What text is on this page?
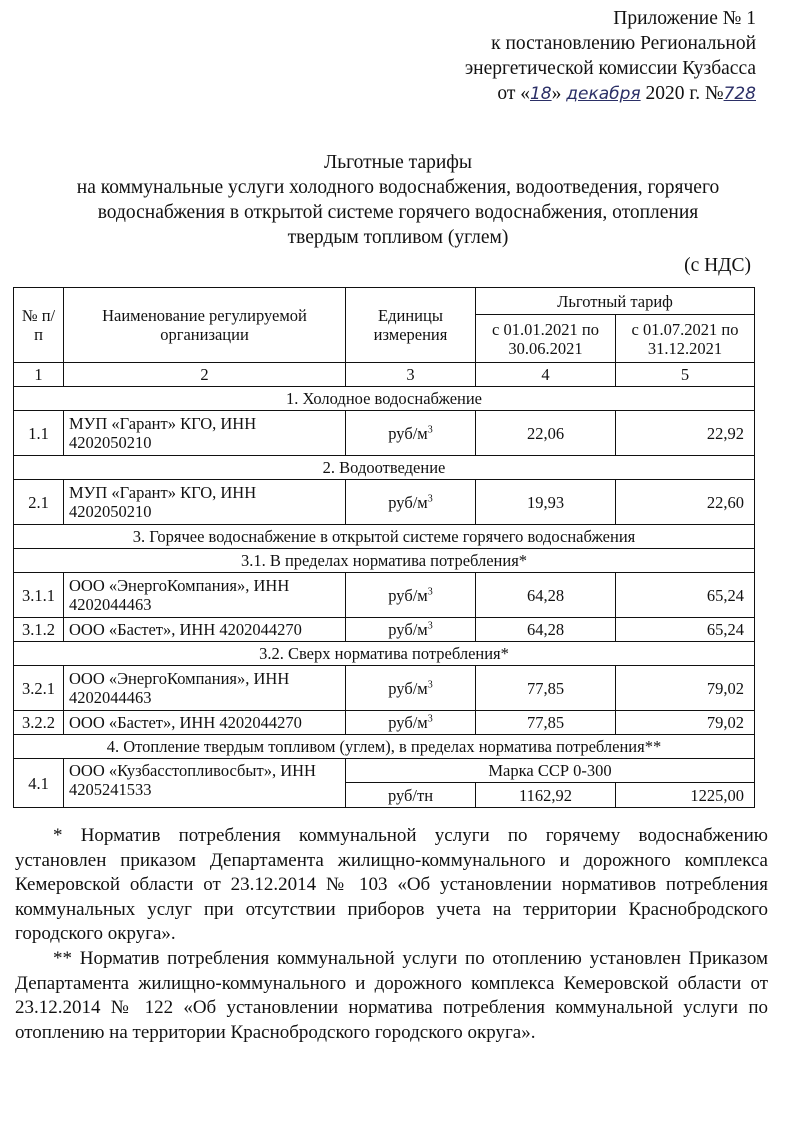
Приложение № 1
к постановлению Региональной
энергетической комиссии Кузбасса
от «18» декабря 2020 г. №728
Льготные тарифы
на коммунальные услуги холодного водоснабжения, водоотведения, горячего
водоснабжения в открытой системе горячего водоснабжения, отопления
твердым топливом (углем)
(с НДС)
№ п/п	Наименование регулируемой организации	Единицы измерения	Льготный тариф	
			с 01.01.2021 по 30.06.2021	с 01.07.2021 по 31.12.2021
1	2	3	4	5
1. Холодное водоснабжение				
1.1	МУП «Гарант» КГО, ИНН 4202050210	руб/$м^3$	22,06	22,92
2. Водоотведение				
2.1	МУП «Гарант» КГО, ИНН 4202050210	руб/$м^3$	19,93	22,60
3. Горячее водоснабжение в открытой системе горячего водоснабжения				
3.1. В пределах норматива потребления*				
3.1.1	ООО «ЭнергоКомпания», ИНН 4202044463	руб/$м^3$	64,28	65,24
3.1.2	ООО «Бастет», ИНН 4202044270	руб/$м^3$	64,28	65,24
3.2. Сверх норматива потребления*				
3.2.1	ООО «ЭнергоКомпания», ИНН 4202044463	руб/$м^3$	77,85	79,02
3.2.2	ООО «Бастет», ИНН 4202044270	руб/$м^3$	77,85	79,02
4. Отопление твердым топливом (углем), в пределах норматива потребления**				
4.1	ООО «Кузбасстопливосбыт», ИНН 4205241533	Марка ССР 0-300		
		руб/тн	1162,92	1225,00

* Норматив потребления коммунальной услуги по горячему водоснабжению установлен приказом Департамента жилищно-коммунального и дорожного комплекса Кемеровской области от 23.12.2014 № 103 «Об установлении нормативов потребления коммунальных услуг при отсутствии приборов учета на территории Краснобродского городского округа».

** Норматив потребления коммунальной услуги по отоплению установлен Приказом Департамента жилищно-коммунального и дорожного комплекса Кемеровской области от 23.12.2014 № 122 «Об установлении норматива потребления коммунальной услуги по отоплению на территории Краснобродского городского округа».
